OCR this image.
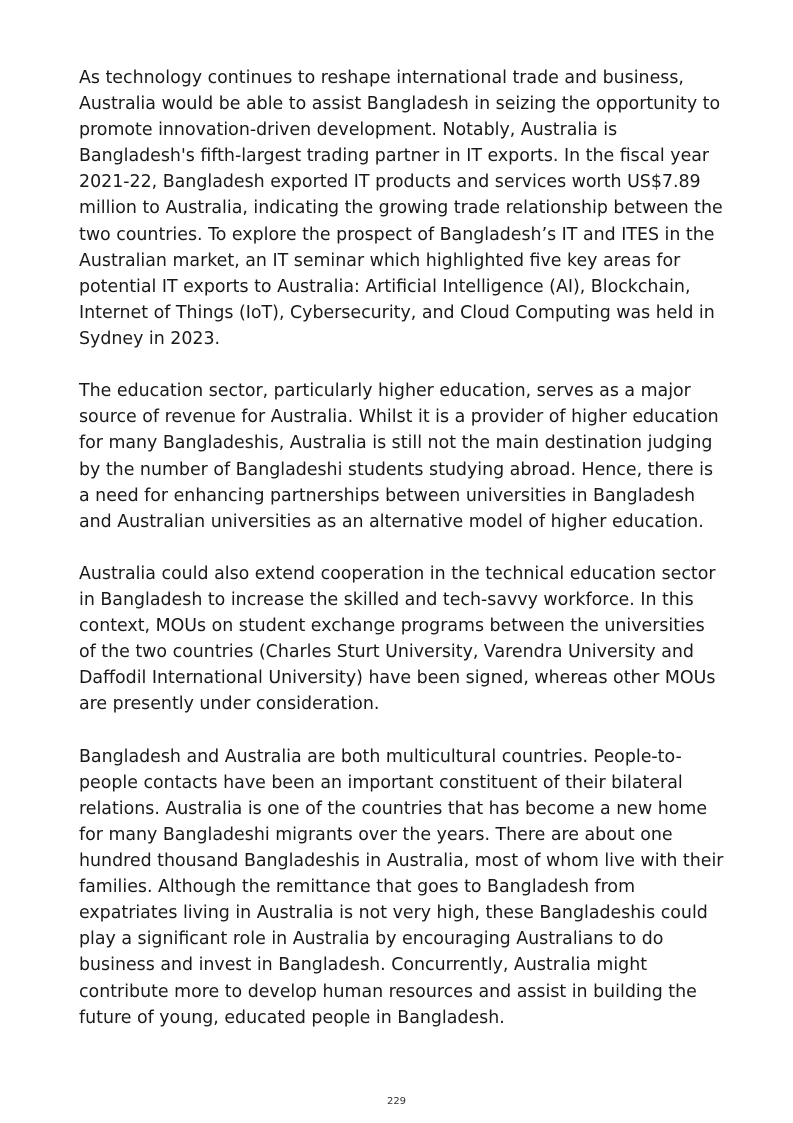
As technology continues to reshape international trade and business, Australia would be able to assist Bangladesh in seizing the opportunity to promote innovation-driven development. Notably, Australia is Bangladesh's fifth-largest trading partner in IT exports. In the fiscal year 2021-22, Bangladesh exported IT products and services worth US$7.89 million to Australia, indicating the growing trade relationship between the two countries. To explore the prospect of Bangladesh’s IT and ITES in the Australian market, an IT seminar which highlighted five key areas for potential IT exports to Australia: Artificial Intelligence (AI), Blockchain, Internet of Things (IoT), Cybersecurity, and Cloud Computing was held in Sydney in 2023.

The education sector, particularly higher education, serves as a major source of revenue for Australia. Whilst it is a provider of higher education for many Bangladeshis, Australia is still not the main destination judging by the number of Bangladeshi students studying abroad. Hence, there is a need for enhancing partnerships between universities in Bangladesh and Australian universities as an alternative model of higher education.

Australia could also extend cooperation in the technical education sector in Bangladesh to increase the skilled and tech-savvy workforce. In this context, MOUs on student exchange programs between the universities of the two countries (Charles Sturt University, Varendra University and Daffodil International University) have been signed, whereas other MOUs are presently under consideration.

Bangladesh and Australia are both multicultural countries. People-to-people contacts have been an important constituent of their bilateral relations. Australia is one of the countries that has become a new home for many Bangladeshi migrants over the years. There are about one hundred thousand Bangladeshis in Australia, most of whom live with their families. Although the remittance that goes to Bangladesh from expatriates living in Australia is not very high, these Bangladeshis could play a significant role in Australia by encouraging Australians to do business and invest in Bangladesh. Concurrently, Australia might contribute more to develop human resources and assist in building the future of young, educated people in Bangladesh.

229
